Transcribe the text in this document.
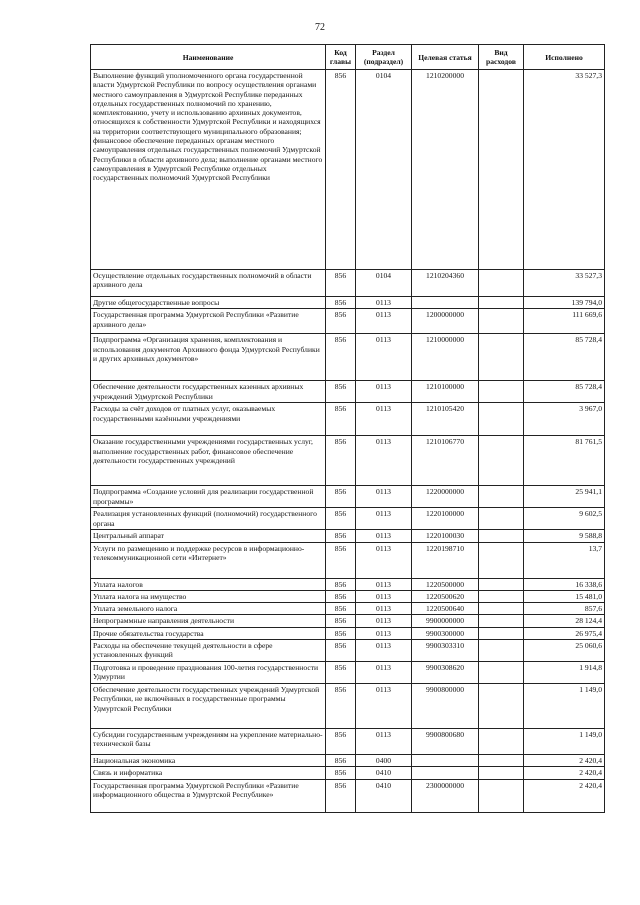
72
Наименование	Код главы	Раздел (подраздел)	Целевая статья	Вид расходов	Исполнено
Выполнение функций уполномоченного органа государственной власти Удмуртской Республики по вопросу осуществления органами местного самоуправления в Удмуртской Республике переданных отдельных государственных полномочий по хранению, комплектованию, учету и использованию архивных документов, относящихся к собственности Удмуртской Республики и находящихся на территории соответствующего муниципального образования; финансовое обеспечение переданных органам местного самоуправления отдельных государственных полномочий Удмуртской Республики в области архивного дела; выполнение органами местного самоуправления в Удмуртской Республике отдельных государственных полномочий Удмуртской Республики	856	0104	1210200000		33 527,3
Осуществление отдельных государственных полномочий в области архивного дела	856	0104	1210204360		33 527,3
Другие общегосударственные вопросы	856	0113			139 794,0
Государственная программа Удмуртской Республики «Развитие архивного дела»	856	0113	1200000000		111 669,6
Подпрограмма «Организация хранения, комплектования и использования документов Архивного фонда Удмуртской Республики и других архивных документов»	856	0113	1210000000		85 728,4
Обеспечение деятельности государственных казенных архивных учреждений Удмуртской Республики	856	0113	1210100000		85 728,4
Расходы за счёт доходов от платных услуг, оказываемых государственными казёнными учреждениями	856	0113	1210105420		3 967,0
Оказание государственными учреждениями государственных услуг, выполнение государственных работ, финансовое обеспечение деятельности государственных учреждений	856	0113	1210106770		81 761,5
Подпрограмма «Создание условий для реализации государственной программы»	856	0113	1220000000		25 941,1
Реализация установленных функций (полномочий) государственного органа	856	0113	1220100000		9 602,5
Центральный аппарат	856	0113	1220100030		9 588,8
Услуги по размещению и поддержке ресурсов в информационно-телекоммуникационной сети «Интернет»	856	0113	1220198710		13,7
Уплата налогов	856	0113	1220500000		16 338,6
Уплата налога на имущество	856	0113	1220500620		15 481,0
Уплата земельного налога	856	0113	1220500640		857,6
Непрограммные направления деятельности	856	0113	9900000000		28 124,4
Прочие обязательства государства	856	0113	9900300000		26 975,4
Расходы на обеспечение текущей деятельности в сфере установленных функций	856	0113	9900303310		25 060,6
Подготовка и проведение празднования 100-летия государственности Удмуртии	856	0113	9900308620		1 914,8
Обеспечение деятельности государственных учреждений Удмуртской Республики, не включённых в государственные программы Удмуртской Республики	856	0113	9900800000		1 149,0
Субсидии государственным учреждениям на укрепление материально-технической базы	856	0113	9900800680		1 149,0
Национальная экономика	856	0400			2 420,4
Связь и информатика	856	0410			2 420,4
Государственная программа Удмуртской Республики «Развитие информационного общества в Удмуртской Республике»	856	0410	2300000000		2 420,4
